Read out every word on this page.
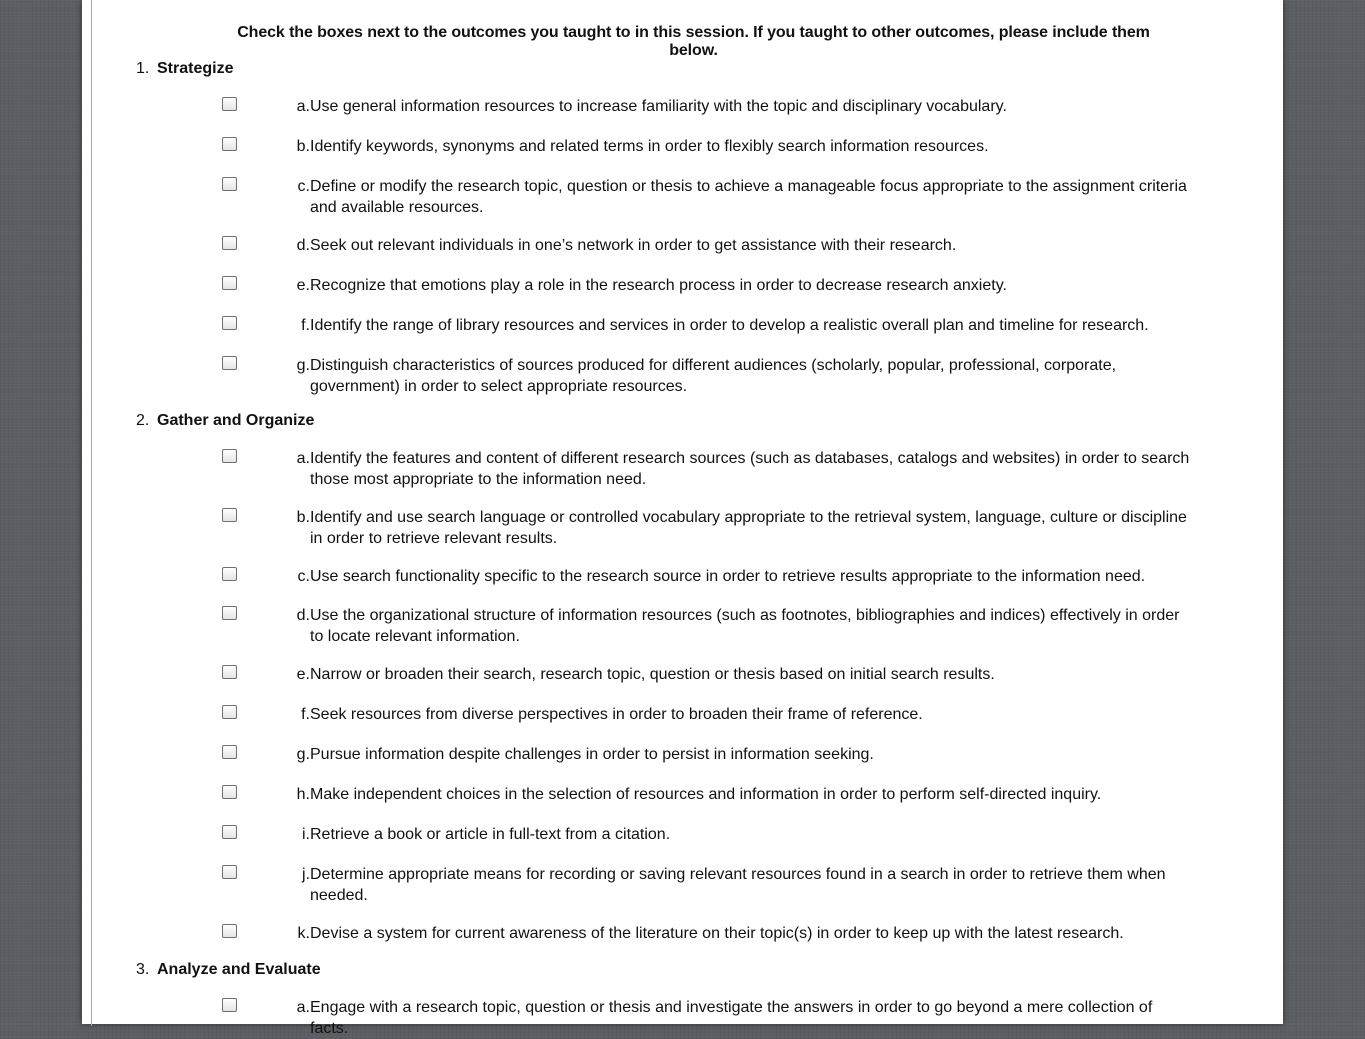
Check the boxes next to the outcomes you taught to in this session. If you taught to other outcomes, please include them below.
1. Strategize
a.Use general information resources to increase familiarity with the topic and disciplinary vocabulary.
b.Identify keywords, synonyms and related terms in order to flexibly search information resources.
c.Define or modify the research topic, question or thesis to achieve a manageable focus appropriate to the assignment criteria and available resources.
d.Seek out relevant individuals in one’s network in order to get assistance with their research.
e.Recognize that emotions play a role in the research process in order to decrease research anxiety.
f.Identify the range of library resources and services in order to develop a realistic overall plan and timeline for research.
g.Distinguish characteristics of sources produced for different audiences (scholarly, popular, professional, corporate, government) in order to select appropriate resources.
2. Gather and Organize
a.Identify the features and content of different research sources (such as databases, catalogs and websites) in order to search those most appropriate to the information need.
b.Identify and use search language or controlled vocabulary appropriate to the retrieval system, language, culture or discipline in order to retrieve relevant results.
c.Use search functionality specific to the research source in order to retrieve results appropriate to the information need.
d.Use the organizational structure of information resources (such as footnotes, bibliographies and indices) effectively in order to locate relevant information.
e.Narrow or broaden their search, research topic, question or thesis based on initial search results.
f.Seek resources from diverse perspectives in order to broaden their frame of reference.
g.Pursue information despite challenges in order to persist in information seeking.
h.Make independent choices in the selection of resources and information in order to perform self-directed inquiry.
i.Retrieve a book or article in full-text from a citation.
j.Determine appropriate means for recording or saving relevant resources found in a search in order to retrieve them when needed.
k.Devise a system for current awareness of the literature on their topic(s) in order to keep up with the latest research.
3. Analyze and Evaluate
a.Engage with a research topic, question or thesis and investigate the answers in order to go beyond a mere collection of facts.
